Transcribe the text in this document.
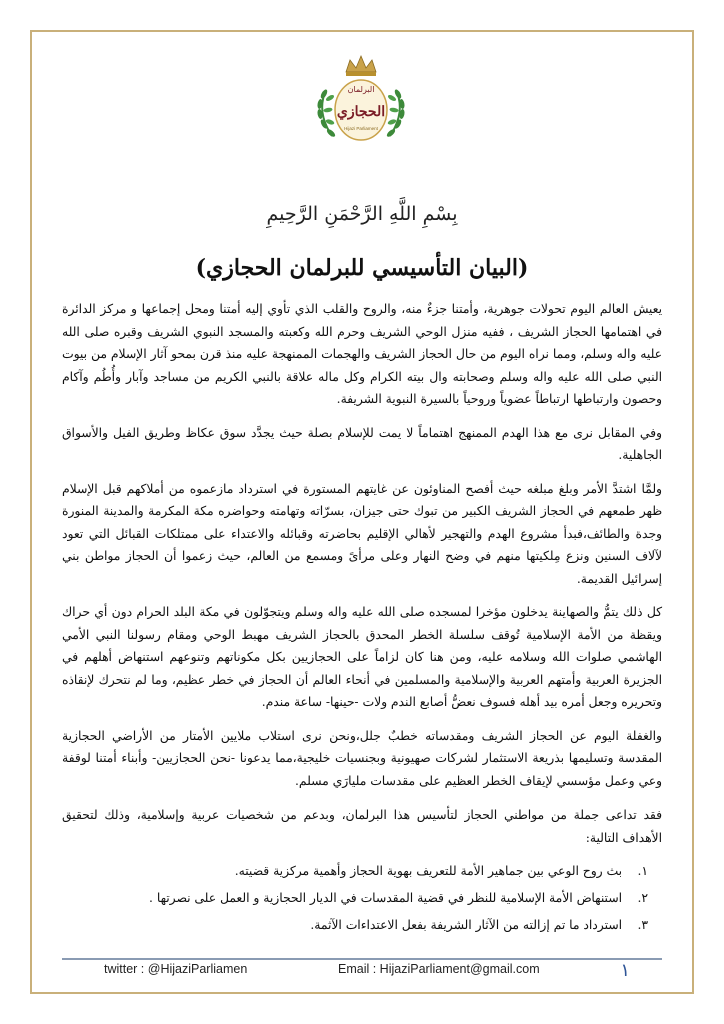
البرلمان
الحجازي
Hijazi Parliament
بِسْمِ اللَّهِ الرَّحْمَنِ الرَّحِيمِ
(البيان التأسيسي للبرلمان الحجازي)

يعيش العالم اليوم تحولات جوهرية، وأمتنا جزءٌ منه، والروح والقلب الذي تأوي إليه أمتنا ومحل إجماعها و مركز الدائرة في اهتمامها الحجاز الشريف ، ففيه منزل الوحي الشريف وحرم الله وكعبته والمسجد النبوي الشريف وقبره صلى الله عليه واله وسلم، ومما نراه اليوم من حال الحجاز الشريف والهجمات الممنهجة عليه منذ قرن بمحو آثار الإسلام من بيوت النبي صلى الله عليه واله وسلم وصحابته وال بيته الكرام وكل ماله علاقة بالنبي الكريم من مساجد وآبار وأُطُم وآكام وحصون وارتباطها ارتباطاً عضوياً وروحياً بالسيرة النبوية الشريفة.

وفي المقابل نرى مع هذا الهدم الممنهج اهتماماً لا يمت للإسلام بصلة حيث يجدَّد سوق عكاظ وطريق الفيل والأسواق الجاهلية.

ولمَّا اشتدَّ الأمر وبلغ مبلغه حيث أفصح المناوئون عن غايتهم المستورة في استرداد مازعموه من أملاكهم قبل الإسلام ظهر طمعهم في الحجاز الشريف الكبير من تبوك حتى جيزان، بسرّاته وتهامته وحواضره مكة المكرمة والمدينة المنورة وجدة والطائف،فبدأ مشروع الهدم والتهجير لأهالي الإقليم بحاضرته وقبائله والاعتداء على ممتلكات القبائل التي تعود لآلاف السنين ونزع مِلكيتها منهم في وضح النهار وعلى مرأىً ومسمع من العالم، حيث زعموا أن الحجاز مواطن بني إسرائيل القديمة.

كل ذلك يتمُّ والصهاينة يدخلون مؤخرا لمسجده صلى الله عليه واله وسلم ويتجوّلون في مكة البلد الحرام دون أي حراك ويقظة من الأمة الإسلامية تُوقف سلسلة الخطر المحدق بالحجاز الشريف مهبط الوحي ومقام رسولنا النبي الأمي الهاشمي صلوات الله وسلامه عليه، ومن هنا كان لزاماً على الحجازيين بكل مكوناتهم وتنوعهم استنهاض أهلهم في الجزيرة العربية وأمتهم العربية والإسلامية والمسلمين في أنحاء العالم أن الحجاز في خطر عظيم، وما لم نتحرك لإنقاذه وتحريره وجعل أمره بيد أهله فسوف نعضُّ أصابع الندم ولات -حينها- ساعة مندم.

والغفلة اليوم عن الحجاز الشريف ومقدساته خطبٌ جلل،ونحن نرى استلاب ملايين الأمتار من الأراضي الحجازية المقدسة وتسليمها بذريعة الاستثمار لشركات صهيونية وبجنسيات خليجية،مما يدعونا -نحن الحجازيين- وأبناء أمتنا لوقفة وعي وعمل مؤسسي لإيقاف الخطر العظيم على مقدسات مليارَي مسلم.

فقد تداعى جملة من مواطني الحجاز لتأسيس هذا البرلمان، وبدعم من شخصيات عربية وإسلامية، وذلك لتحقيق الأهداف التالية:

١.بث روح الوعي بين جماهير الأمة للتعريف بهوية الحجاز وأهمية مركزية قضيته.
٢.استنهاض الأمة الإسلامية للنظر في قضية المقدسات في الديار الحجازية و العمل على نصرتها .
٣.استرداد ما تم إزالته من الآثار الشريفة بفعل الاعتداءات الآثمة.
twitter : @HijaziParliamen	Email : HijaziParliament@gmail.com	١
